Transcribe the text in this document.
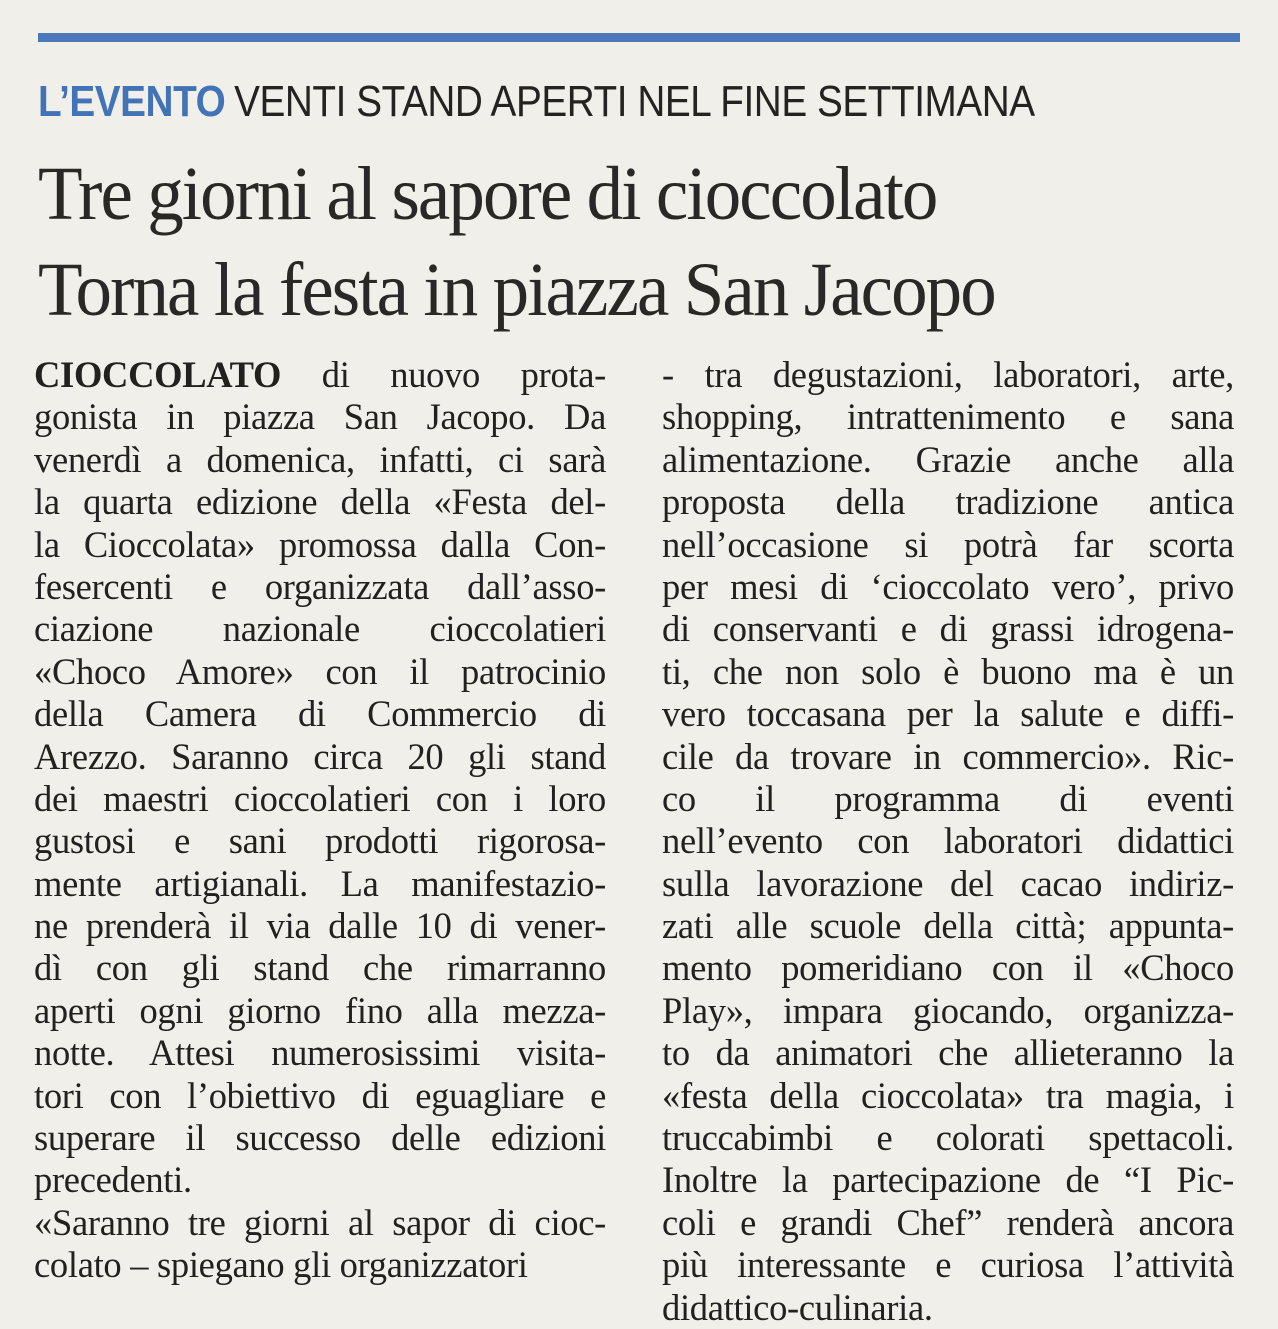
L’EVENTO VENTI STAND APERTI NEL FINE SETTIMANA
Tre giorni al sapore di cioccolato
Torna la festa in piazza San Jacopo
CIOCCOLATO di nuovo prota-
gonista in piazza San Jacopo. Da
venerdì a domenica, infatti, ci sarà
la quarta edizione della «Festa del-
la Cioccolata» promossa dalla Con-
fesercenti e organizzata dall’asso-
ciazione nazionale cioccolatieri
«Choco Amore» con il patrocinio
della Camera di Commercio di
Arezzo. Saranno circa 20 gli stand
dei maestri cioccolatieri con i loro
gustosi e sani prodotti rigorosa-
mente artigianali. La manifestazio-
ne prenderà il via dalle 10 di vener-
dì con gli stand che rimarranno
aperti ogni giorno fino alla mezza-
notte. Attesi numerosissimi visita-
tori con l’obiettivo di eguagliare e
superare il successo delle edizioni
precedenti.
«Saranno tre giorni al sapor di cioc-
colato – spiegano gli organizzatori
- tra degustazioni, laboratori, arte,
shopping, intrattenimento e sana
alimentazione. Grazie anche alla
proposta della tradizione antica
nell’occasione si potrà far scorta
per mesi di ‘cioccolato vero’, privo
di conservanti e di grassi idrogena-
ti, che non solo è buono ma è un
vero toccasana per la salute e diffi-
cile da trovare in commercio». Ric-
co il programma di eventi
nell’evento con laboratori didattici
sulla lavorazione del cacao indiriz-
zati alle scuole della città; appunta-
mento pomeridiano con il «Choco
Play», impara giocando, organizza-
to da animatori che allieteranno la
«festa della cioccolata» tra magia, i
truccabimbi e colorati spettacoli.
Inoltre la partecipazione de “I Pic-
coli e grandi Chef” renderà ancora
più interessante e curiosa l’attività
didattico-culinaria.
